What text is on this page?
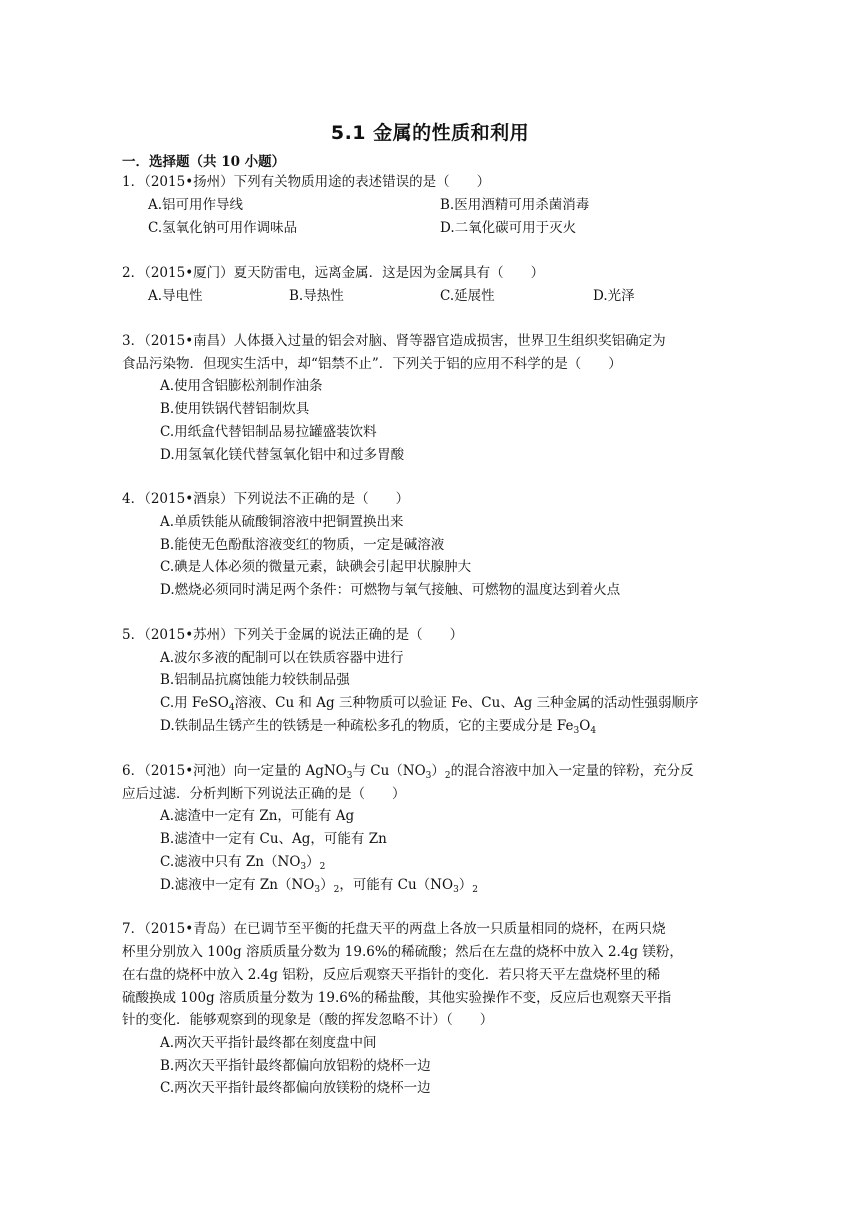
5.1 金属的性质和利用
一．选择题（共 10 小题）
1．（2015•扬州）下列有关物质用途的表述错误的是（　　）
A.铝可用作导线	B.医用酒精可用杀菌消毒
C.氢氧化钠可用作调味品	D.二氧化碳可用于灭火
2．（2015•厦门）夏天防雷电，远离金属．这是因为金属具有（　　）
A.导电性	B.导热性	C.延展性	D.光泽
3．（2015•南昌）人体摄入过量的铝会对脑、肾等器官造成损害，世界卫生组织奖铝确定为
食品污染物．但现实生活中，却“铝禁不止”．下列关于铝的应用不科学的是（　　）
A.使用含铝膨松剂制作油条
B.使用铁锅代替铝制炊具
C.用纸盒代替铝制品易拉罐盛装饮料
D.用氢氧化镁代替氢氧化铝中和过多胃酸
4．（2015•酒泉）下列说法不正确的是（　　）
A.单质铁能从硫酸铜溶液中把铜置换出来
B.能使无色酚酞溶液变红的物质，一定是碱溶液
C.碘是人体必须的微量元素，缺碘会引起甲状腺肿大
D.燃烧必须同时满足两个条件：可燃物与氧气接触、可燃物的温度达到着火点
5．（2015•苏州）下列关于金属的说法正确的是（　　）
A.波尔多液的配制可以在铁质容器中进行
B.铝制品抗腐蚀能力较铁制品强
C.用 FeSO$_4$溶液、Cu 和 Ag 三种物质可以验证 Fe、Cu、Ag 三种金属的活动性强弱顺序
D.铁制品生锈产生的铁锈是一种疏松多孔的物质，它的主要成分是 $Fe_3O_4$
6．（2015•河池）向一定量的 AgNO$_3$与 $Cu(NO_3)_2$的混合溶液中加入一定量的锌粉，充分反
应后过滤．分析判断下列说法正确的是（　　）
A.滤渣中一定有 Zn，可能有 Ag
B.滤渣中一定有 Cu、Ag，可能有 Zn
C.滤液中只有 $Zn(NO_3)_2$
D.滤液中一定有 $Zn(NO_3)_2$，可能有 $Cu(NO_3)_2$
7．（2015•青岛）在已调节至平衡的托盘天平的两盘上各放一只质量相同的烧杯，在两只烧
杯里分别放入 100g 溶质质量分数为 19.6%的稀硫酸；然后在左盘的烧杯中放入 2.4g 镁粉，
在右盘的烧杯中放入 2.4g 铝粉，反应后观察天平指针的变化．若只将天平左盘烧杯里的稀
硫酸换成 100g 溶质质量分数为 19.6%的稀盐酸，其他实验操作不变，反应后也观察天平指
针的变化．能够观察到的现象是（酸的挥发忽略不计）（　　）
A.两次天平指针最终都在刻度盘中间
B.两次天平指针最终都偏向放铝粉的烧杯一边
C.两次天平指针最终都偏向放镁粉的烧杯一边
